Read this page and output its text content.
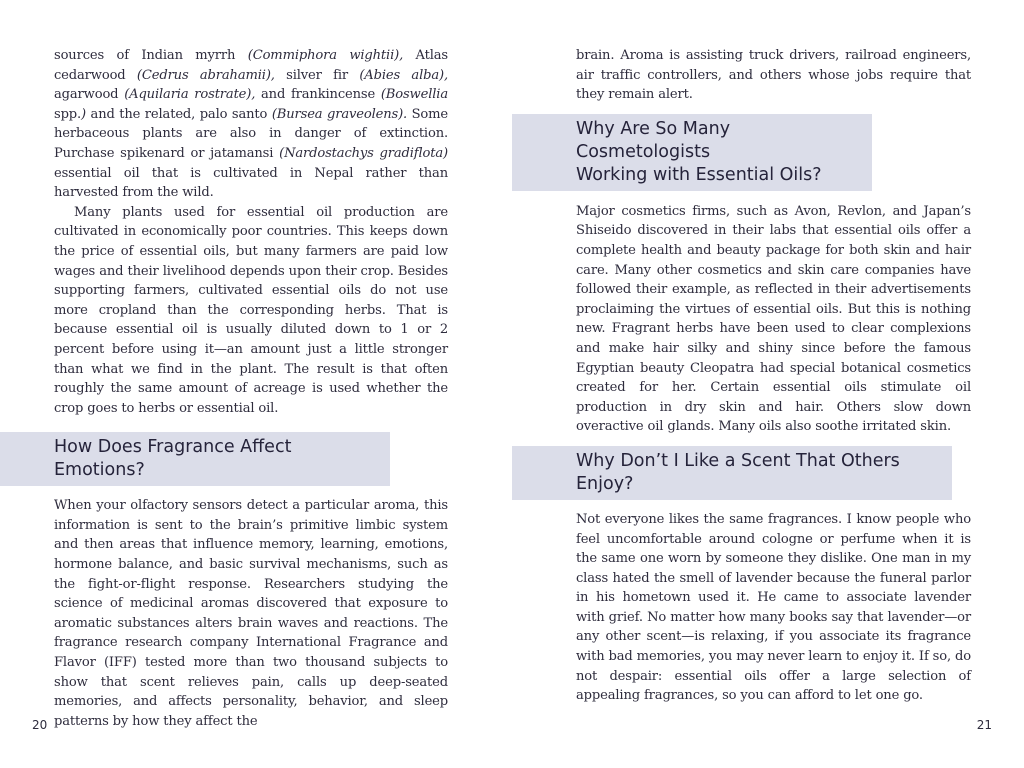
sources of Indian myrrh (Commiphora wightii), Atlas cedarwood (Cedrus abrahamii), silver fir (Abies alba), agarwood (Aquilaria rostrate), and frankincense (Boswellia spp.) and the related, palo santo (Bursea graveolens). Some herbaceous plants are also in danger of extinction. Purchase spikenard or jatamansi (Nardostachys gradiflota) essential oil that is cultivated in Nepal rather than harvested from the wild.

Many plants used for essential oil production are cultivated in economically poor countries. This keeps down the price of essential oils, but many farmers are paid low wages and their livelihood depends upon their crop. Besides supporting farmers, cultivated essential oils do not use more cropland than the corresponding herbs. That is because essential oil is usually diluted down to 1 or 2 percent before using it—an amount just a little stronger than what we find in the plant. The result is that often roughly the same amount of acreage is used whether the crop goes to herbs or essential oil.

How Does Fragrance Affect Emotions?

When your olfactory sensors detect a particular aroma, this information is sent to the brain’s primitive limbic system and then areas that influence memory, learning, emotions, hormone balance, and basic survival mechanisms, such as the fight-or-flight response. Researchers studying the science of medicinal aromas discovered that exposure to aromatic substances alters brain waves and reactions. The fragrance research company International Fragrance and Flavor (IFF) tested more than two thousand subjects to show that scent relieves pain, calls up deep-seated memories, and affects personality, behavior, and sleep patterns by how they affect the

20

brain. Aroma is assisting truck drivers, railroad engineers, air traffic controllers, and others whose jobs require that they remain alert.

Why Are So Many Cosmetologists
Working with Essential Oils?

Major cosmetics firms, such as Avon, Revlon, and Japan’s Shiseido discovered in their labs that essential oils offer a complete health and beauty package for both skin and hair care. Many other cosmetics and skin care companies have followed their example, as reflected in their advertisements proclaiming the virtues of essential oils. But this is nothing new. Fragrant herbs have been used to clear complexions and make hair silky and shiny since before the famous Egyptian beauty Cleopatra had special botanical cosmetics created for her. Certain essential oils stimulate oil production in dry skin and hair. Others slow down overactive oil glands. Many oils also soothe irritated skin.

Why Don’t I Like a Scent That Others Enjoy?

Not everyone likes the same fragrances. I know people who feel uncomfortable around cologne or perfume when it is the same one worn by someone they dislike. One man in my class hated the smell of lavender because the funeral parlor in his hometown used it. He came to associate lavender with grief. No matter how many books say that lavender—or any other scent—is relaxing, if you associate its fragrance with bad memories, you may never learn to enjoy it. If so, do not despair: essential oils offer a large selection of appealing fragrances, so you can afford to let one go.

21
